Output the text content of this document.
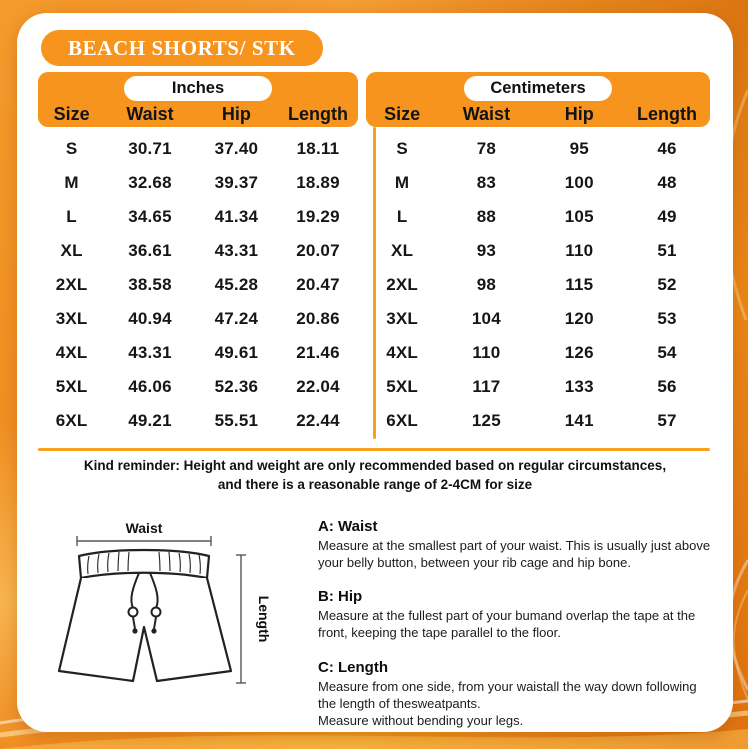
BEACH SHORTS/ STK
Inches
Size	Waist	Hip	Length
Centimeters
Size	Waist	Hip	Length
S	30.71	37.40	18.11
M	32.68	39.37	18.89
L	34.65	41.34	19.29
XL	36.61	43.31	20.07
2XL	38.58	45.28	20.47
3XL	40.94	47.24	20.86
4XL	43.31	49.61	21.46
5XL	46.06	52.36	22.04
6XL	49.21	55.51	22.44
S	78	95	46
M	83	100	48
L	88	105	49
XL	93	110	51
2XL	98	115	52
3XL	104	120	53
4XL	110	126	54
5XL	117	133	56
6XL	125	141	57
Kind reminder: Height and weight are only recommended based on regular circumstances,
and there is a reasonable range of 2-4CM for size
Waist
Length
A: Waist
Measure at the smallest part of your waist. This is usually just above your belly button, between your rib cage and hip bone.
B: Hip
Measure at the fullest part of your bumand overlap the tape at the front, keeping the tape parallel to the floor.
C: Length
Measure from one side, from your waistall the way down following the length of thesweatpants.
Measure without bending your legs.
